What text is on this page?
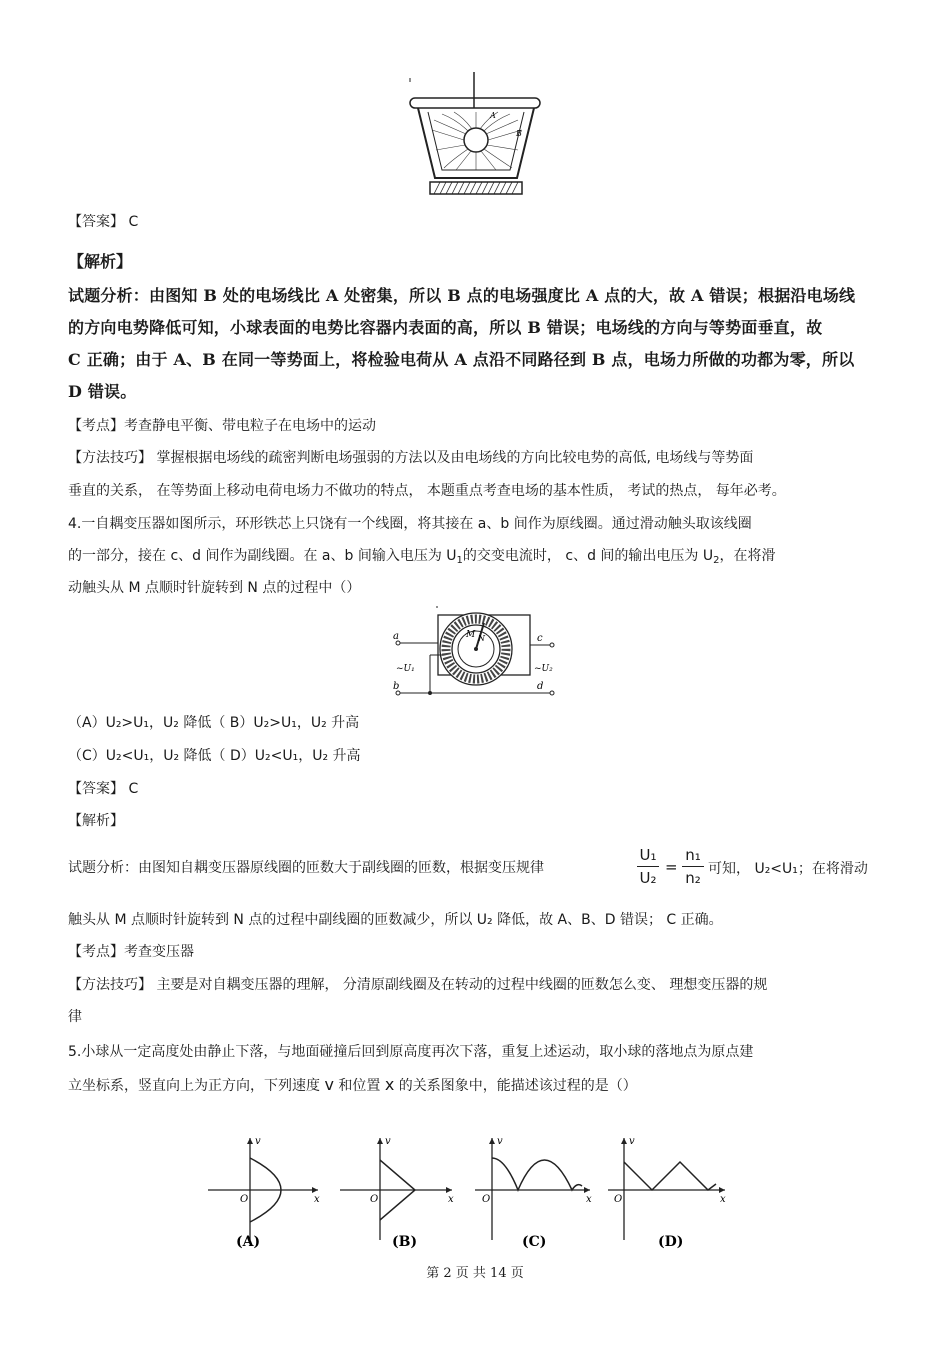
A
B
【答案】 C
【解析】
试题分析：由图知 B 处的电场线比 A 处密集，所以 B 点的电场强度比 A 点的大，故 A 错误；根据沿电场线
的方向电势降低可知，小球表面的电势比容器内表面的高，所以 B 错误；电场线的方向与等势面垂直，故
C 正确；由于 A、B 在同一等势面上，将检验电荷从 A 点沿不同路径到 B 点，电场力所做的功都为零，所以
D 错误。
【考点】考查静电平衡、带电粒子在电场中的运动
【方法技巧】 掌握根据电场线的疏密判断电场强弱的方法以及由电场线的方向比较电势的高低, 电场线与等势面
垂直的关系， 在等势面上移动电荷电场力不做功的特点， 本题重点考查电场的基本性质， 考试的热点， 每年必考。
4.一自耦变压器如图所示，环形铁芯上只饶有一个线圈，将其接在 a、b 间作为原线圈。通过滑动触头取该线圈
的一部分，接在 c、d 间作为副线圈。在 a、b 间输入电压为 $U_1$的交变电流时， c、d 间的输出电压为 $U_2$，在将滑
动触头从 M 点顺时针旋转到 N 点的过程中（）
M N
a
b
c
d
~U₁	~U₂
（A）U₂>U₁，U₂ 降低（ B）U₂>U₁，U₂ 升高
（C）U₂<U₁，U₂ 降低（ D）U₂<U₁，U₂ 升高
【答案】 C
【解析】
试题分析：由图知自耦变压器原线圈的匝数大于副线圈的匝数，根据变压规律
U₁
U₂
=
n₁
n₂ 可知， U₂<U₁；在将滑动
触头从 M 点顺时针旋转到 N 点的过程中副线圈的匝数减少，所以 U₂ 降低，故 A、B、D 错误； C 正确。
【考点】考查变压器
【方法技巧】 主要是对自耦变压器的理解， 分清原副线圈及在转动的过程中线圈的匝数怎么变、 理想变压器的规
律
5.小球从一定高度处由静止下落，与地面碰撞后回到原高度再次下落，重复上述运动，取小球的落地点为原点建
立坐标系，竖直向上为正方向，下列速度 v 和位置 x 的关系图象中，能描述该过程的是（）
v
x
O
v
x
O
v
x
O
v
x
O
(A)	(B)	(C)	(D)
第 2 页 共 14 页
